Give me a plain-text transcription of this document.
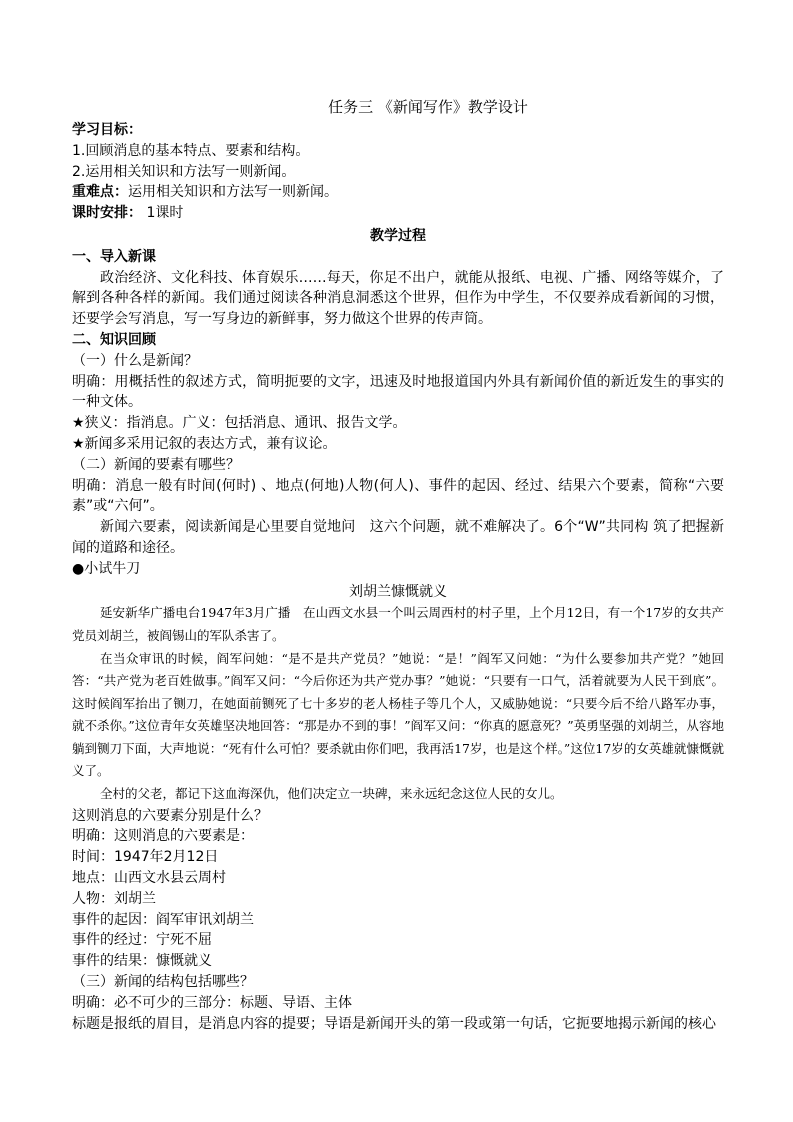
任务三 《新闻写作》教学设计

学习目标：

1.回顾消息的基本特点、要素和结构。

2.运用相关知识和方法写一则新闻。

重难点：运用相关知识和方法写一则新闻。

课时安排： 1课时

教学过程

一、导入新课

政治经济、文化科技、体育娱乐……每天，你足不出户，就能从报纸、电视、广播、网络等媒介，了解到各种各样的新闻。我们通过阅读各种消息洞悉这个世界，但作为中学生，不仅要养成看新闻的习惯，还要学会写消息，写一写身边的新鲜事，努力做这个世界的传声筒。

二、知识回顾

（一）什么是新闻？

明确：用概括性的叙述方式，简明扼要的文字，迅速及时地报道国内外具有新闻价值的新近发生的事实的一种文体。

★狭义：指消息。广义：包括消息、通讯、报告文学。

★新闻多采用记叙的表达方式，兼有议论。

（二）新闻的要素有哪些？

明确：消息一般有时间(何时) 、地点(何地)人物(何人)、事件的起因、经过、结果六个要素，简称“六要素”或“六何”。

新闻六要素，阅读新闻是心里要自觉地问　这六个问题，就不难解决了。6个“W”共同构 筑了把握新闻的道路和途径。

●小试牛刀

刘胡兰慷慨就义

延安新华广播电台1947年3月广播　在山西文水县一个叫云周西村的村子里，上个月12日，有一个17岁的女共产党员刘胡兰，被阎锡山的军队杀害了。

在当众审讯的时候，阎军问她：“是不是共产党员？”她说：“是！”阎军又问她：“为什么要参加共产党？”她回答：“共产党为老百姓做事。”阎军又问：“今后你还为共产党办事？”她说：“只要有一口气，活着就要为人民干到底”。这时候阎军抬出了铡刀，在她面前铡死了七十多岁的老人杨桂子等几个人，又威胁她说：“只要今后不给八路军办事，就不杀你。”这位青年女英雄坚决地回答：“那是办不到的事！”阎军又问：“你真的愿意死？”英勇坚强的刘胡兰，从容地躺到铡刀下面，大声地说：“死有什么可怕？要杀就由你们吧，我再活17岁，也是这个样。”这位17岁的女英雄就慷慨就义了。

全村的父老，都记下这血海深仇，他们决定立一块碑，来永远纪念这位人民的女儿。

这则消息的六要素分别是什么？

明确：这则消息的六要素是：

时间：1947年2月12日

地点：山西文水县云周村

人物：刘胡兰

事件的起因：阎军审讯刘胡兰

事件的经过：宁死不屈

事件的结果：慷慨就义

（三）新闻的结构包括哪些？

明确：必不可少的三部分：标题、导语、主体

标题是报纸的眉目，是消息内容的提要；导语是新闻开头的第一段或第一句话，它扼要地揭示新闻的核心
